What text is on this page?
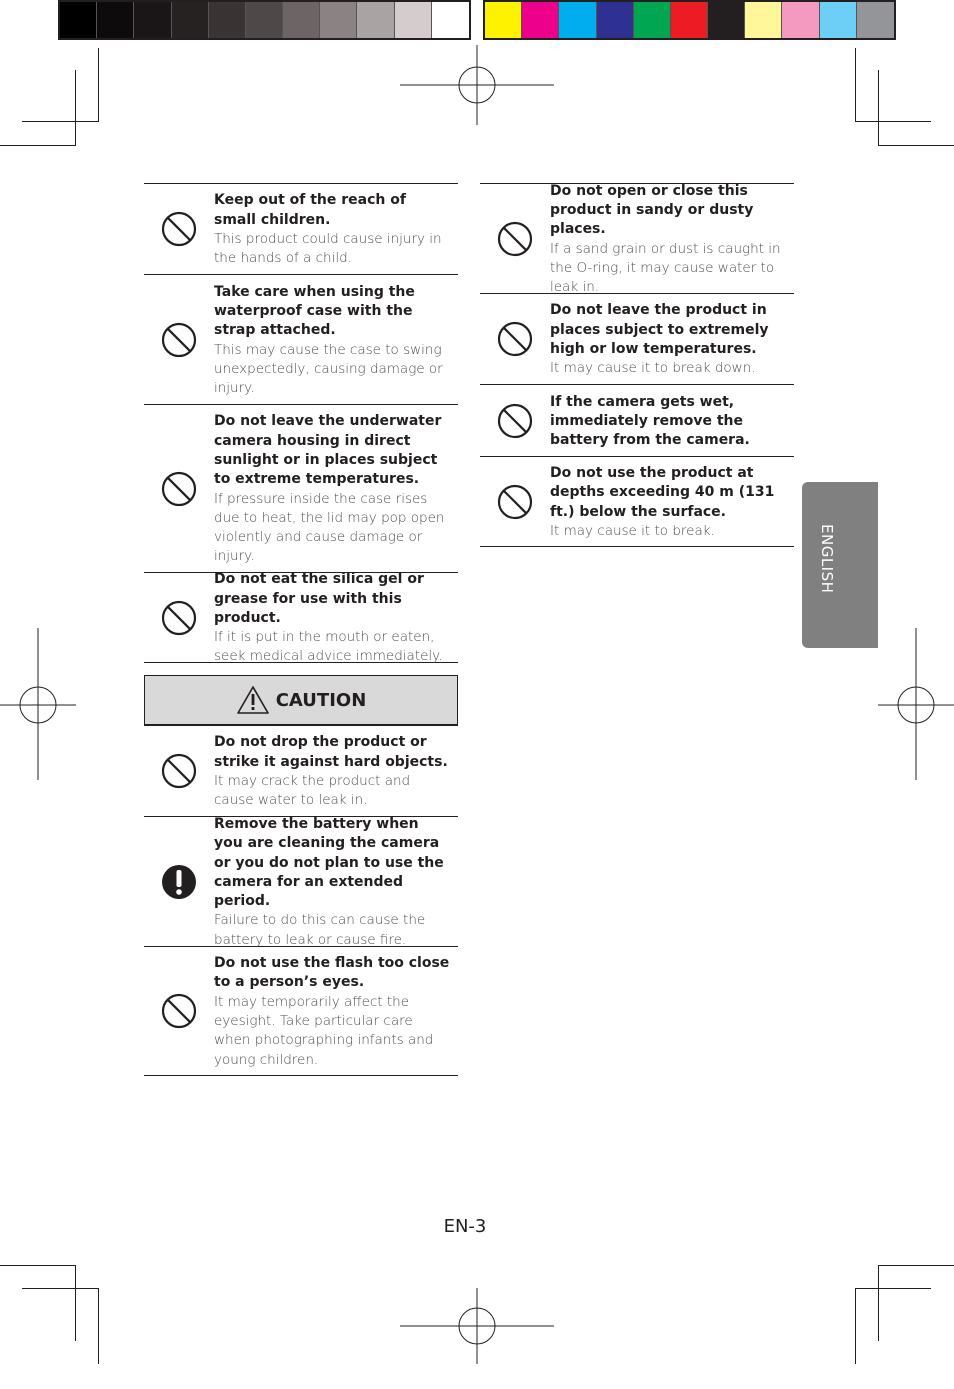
Keep out of the reach of small children.
This product could cause injury in the hands of a child.
Take care when using the waterproof case with the strap attached.
This may cause the case to swing unexpectedly, causing damage or injury.
Do not leave the underwater camera housing in direct sunlight or in places subject to extreme temperatures.
If pressure inside the case rises due to heat, the lid may pop open violently and cause damage or injury.
Do not eat the silica gel or grease for use with this product.
If it is put in the mouth or eaten, seek medical advice immediately.
CAUTION
Do not drop the product or strike it against hard objects.
It may crack the product and cause water to leak in.
Remove the battery when you are cleaning the camera or you do not plan to use the camera for an extended period.
Failure to do this can cause the battery to leak or cause fire.
Do not use the flash too close to a person’s eyes.
It may temporarily affect the eyesight. Take particular care when photographing infants and young children.
Do not open or close this product in sandy or dusty places.
If a sand grain or dust is caught in the O-ring, it may cause water to leak in.
Do not leave the product in places subject to extremely high or low temperatures.
It may cause it to break down.
If the camera gets wet, immediately remove the battery from the camera.
Do not use the product at depths exceeding 40 m (131 ft.) below the surface.
It may cause it to break.	ENGLISH
EN-3
